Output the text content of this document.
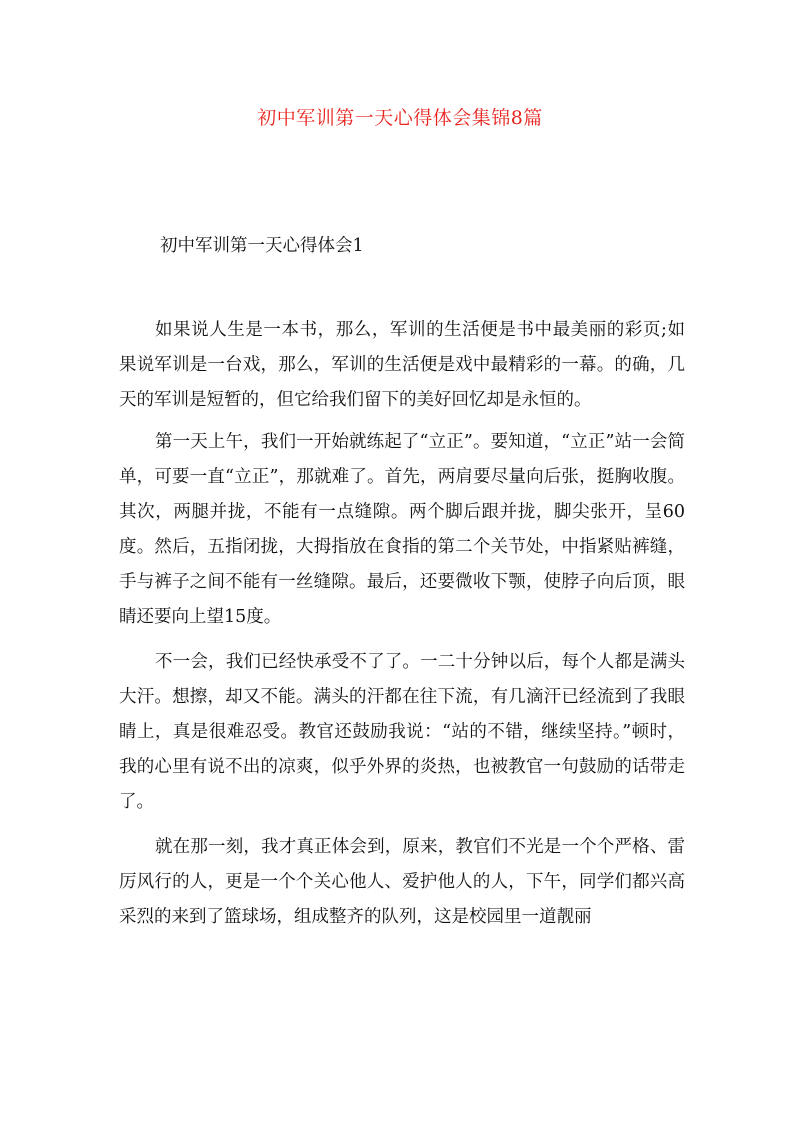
初中军训第一天心得体会集锦8篇
初中军训第一天心得体会1

如果说人生是一本书，那么，军训的生活便是书中最美丽的彩页;如果说军训是一台戏，那么，军训的生活便是戏中最精彩的一幕。的确，几天的军训是短暂的，但它给我们留下的美好回忆却是永恒的。

第一天上午，我们一开始就练起了“立正”。要知道，“立正”站一会简单，可要一直“立正”，那就难了。首先，两肩要尽量向后张，挺胸收腹。其次，两腿并拢，不能有一点缝隙。两个脚后跟并拢，脚尖张开，呈60度。然后，五指闭拢，大拇指放在食指的第二个关节处，中指紧贴裤缝，手与裤子之间不能有一丝缝隙。最后，还要微收下颚，使脖子向后顶，眼睛还要向上望15度。

不一会，我们已经快承受不了了。一二十分钟以后，每个人都是满头大汗。想擦，却又不能。满头的汗都在往下流，有几滴汗已经流到了我眼睛上，真是很难忍受。教官还鼓励我说：“站的不错，继续坚持。”顿时，我的心里有说不出的凉爽，似乎外界的炎热，也被教官一句鼓励的话带走了。

就在那一刻，我才真正体会到，原来，教官们不光是一个个严格、雷厉风行的人，更是一个个关心他人、爱护他人的人，下午，同学们都兴高采烈的来到了篮球场，组成整齐的队列，这是校园里一道靓丽
